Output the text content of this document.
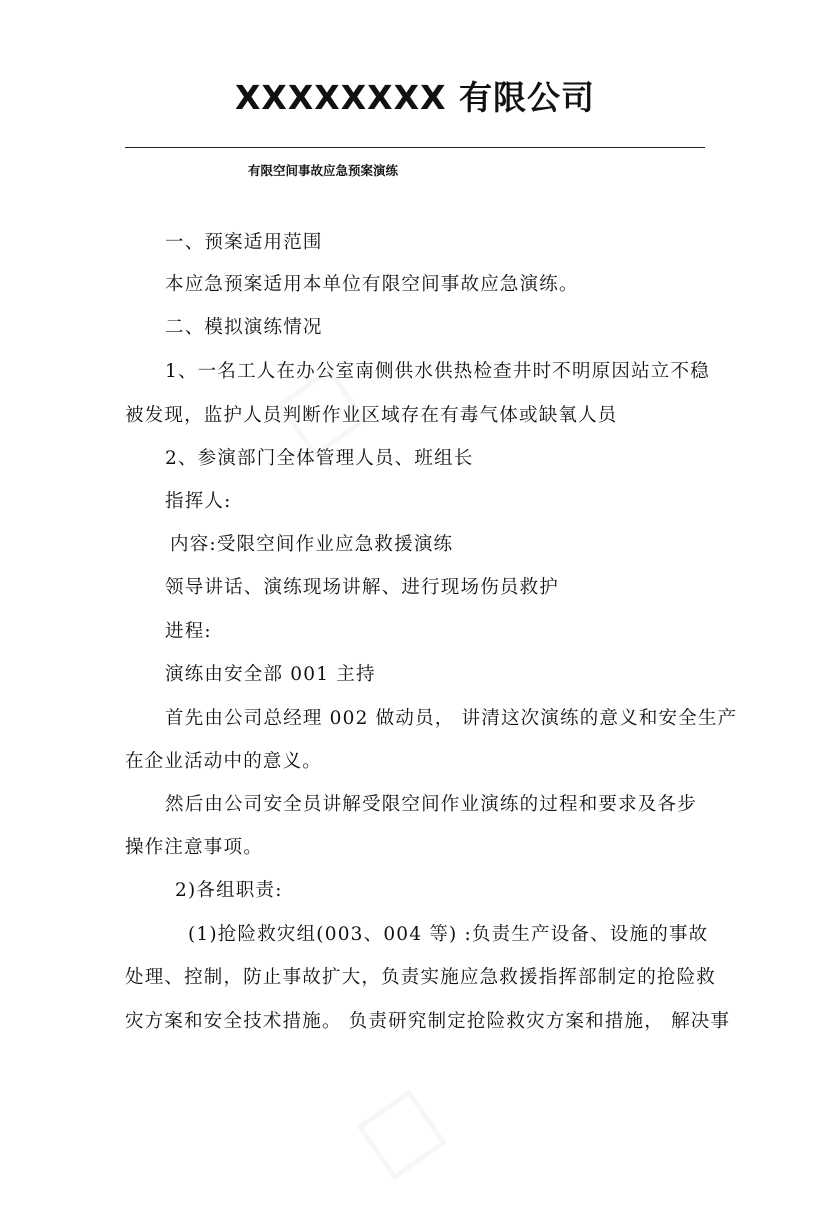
XXXXXXXX 有限公司
有限空间事故应急预案演练
一、预案适用范围
本应急预案适用本单位有限空间事故应急演练。
二、模拟演练情况
1、一名工人在办公室南侧供水供热检查井时不明原因站立不稳
被发现，监护人员判断作业区域存在有毒气体或缺氧人员
2、参演部门全体管理人员、班组长
指挥人:
内容:受限空间作业应急救援演练
领导讲话、演练现场讲解、进行现场伤员救护
进程:
演练由安全部 001 主持
首先由公司总经理 002 做动员， 讲清这次演练的意义和安全生产
在企业活动中的意义。
然后由公司安全员讲解受限空间作业演练的过程和要求及各步
操作注意事项。
2)各组职责:
(1)抢险救灾组(003、004 等) :负责生产设备、设施的事故
处理、控制，防止事故扩大，负责实施应急救援指挥部制定的抢险救
灾方案和安全技术措施。 负责研究制定抢险救灾方案和措施， 解决事
